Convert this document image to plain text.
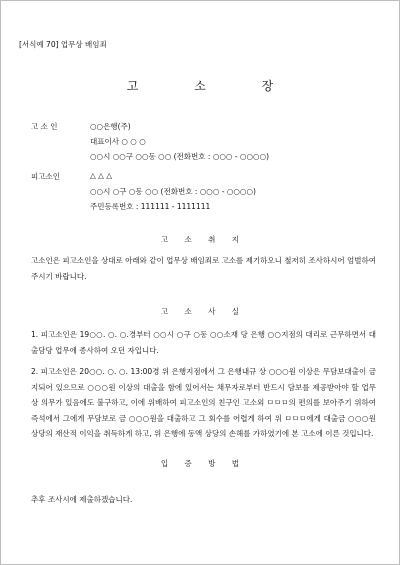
[서식예 70] 업무상 배임죄
고 소 장
고 소 인	○○은행(주)
대표이사 ○ ○ ○
○○시 ○○구 ○○동 ○○ (전화번호 : ○○○ - ○○○○)
피고소인	△ △ △
○○시 ○구 ○동 ○○ (전화번호 : ○○○ - ○○○○)
주민등록번호 : 111111 - 1111111
고 소 취 지
고소인은 피고소인을 상대로 아래와 같이 업무상 배임죄로 고소를 제기하오니 철저히 조사하시어 엄벌하여 주시기 바랍니다.
고 소 사 실
1. 피고소인은 19○○. ○. ○.경부터 ○○시 ○구 ○동 ○○소재 당 은행 ○○지점의 대리로 근무하면서 대출담당 업무에 종사하여 오던 자입니다.
2. 피고소인은 20○○. ○. ○. 13:00경 위 은행지점에서 그 은행내규 상 ○○○원 이상은 무담보대출이 금지되어 있으므로 ○○○원 이상의 대출을 함에 있어서는 채무자로부터 반드시 담보를 제공받아야 할 업무상 의무가 있음에도 불구하고, 이에 위배하여 피고소인의 친구인 고소외 ㅁㅁㅁ의 편의를 보아주기 위하여 즉석에서 그에게 무담보로 금 ○○○원을 대출하고 그 회수를 어렵게 하여 위 ㅁㅁㅁ에게 대출금 ○○○원 상당의 재산적 이익을 취득하게 하고, 위 은행에 동액 상당의 손해를 가하였기에 본 고소에 이른 것입니다.
입 증 방 법
추후 조사시에 제출하겠습니다.
